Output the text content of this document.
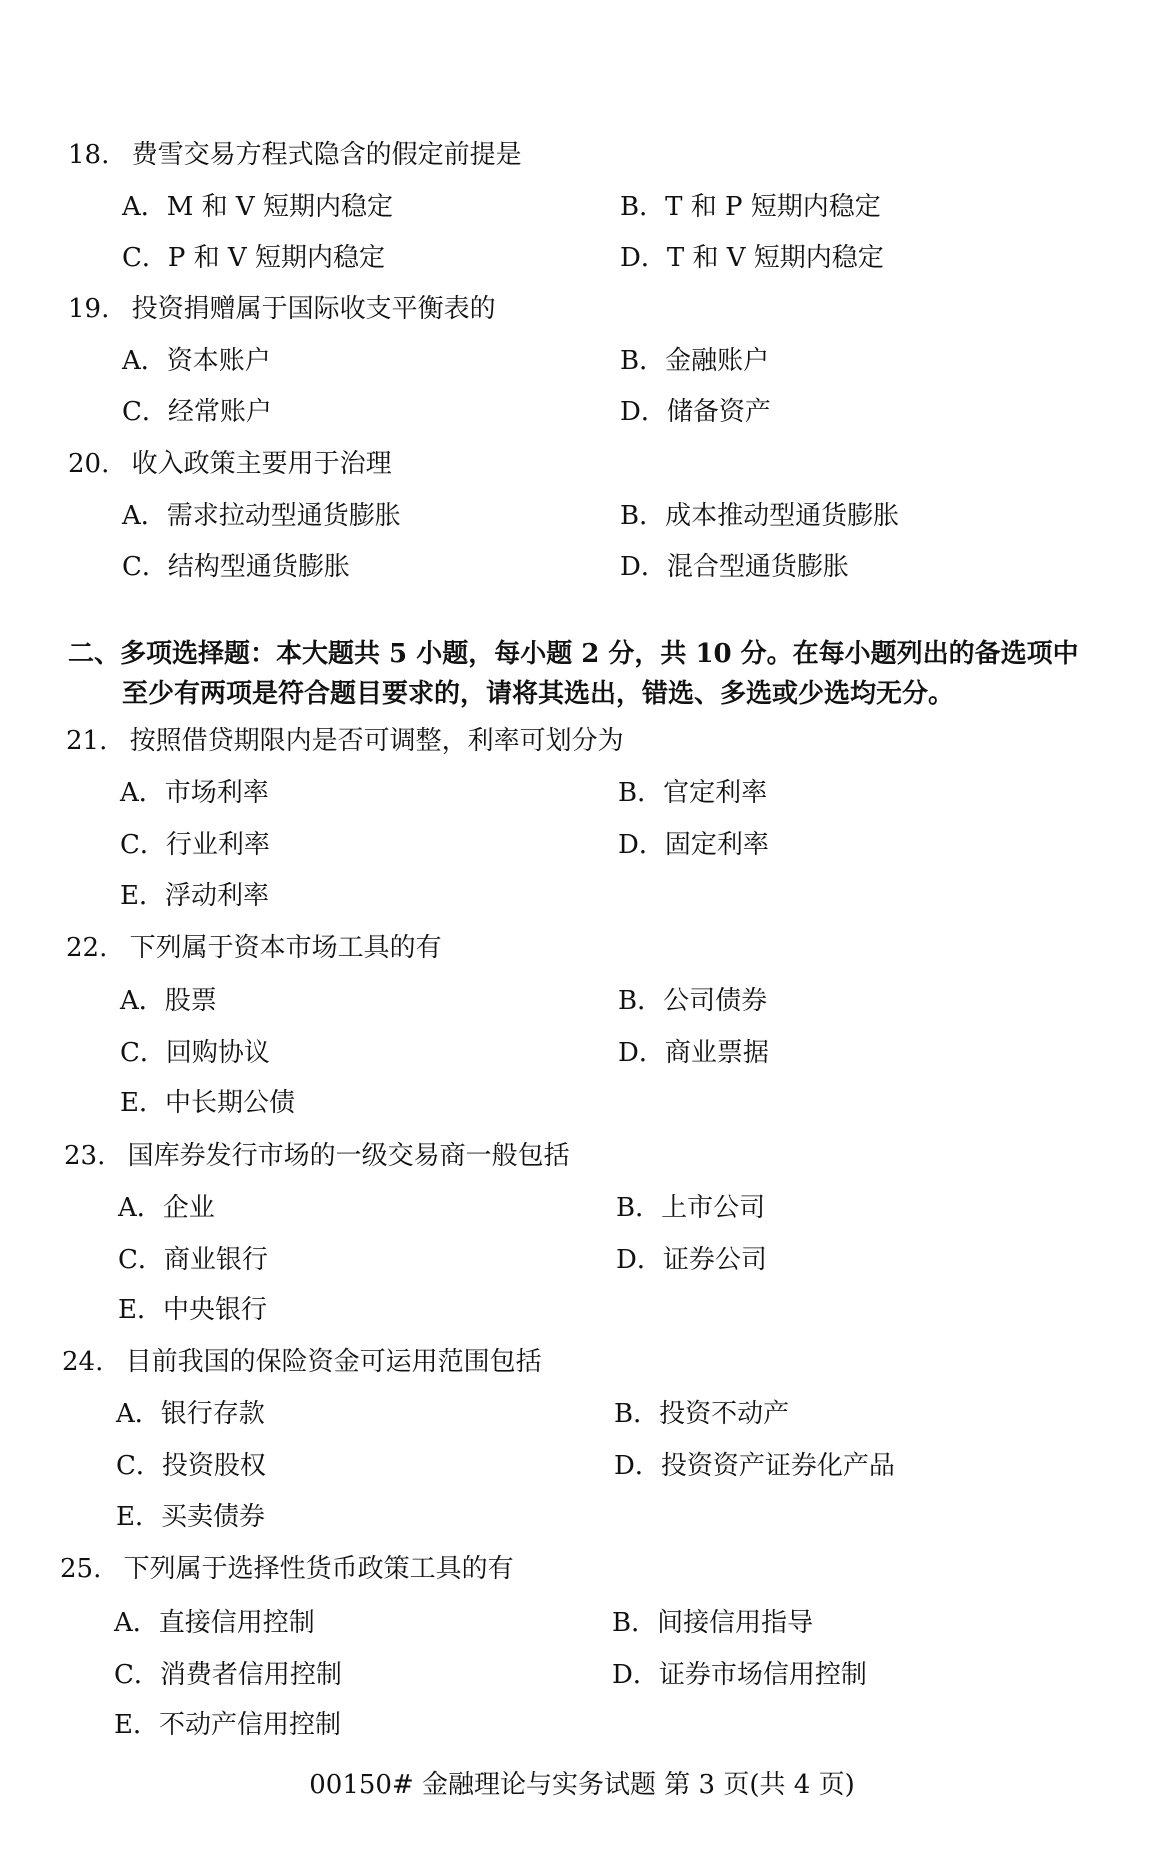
18. 费雪交易方程式隐含的假定前提是
A．M 和 V 短期内稳定	B．T 和 P 短期内稳定
C．P 和 V 短期内稳定	D．T 和 V 短期内稳定
19. 投资捐赠属于国际收支平衡表的
A．资本账户	B．金融账户
C．经常账户	D．储备资产
20. 收入政策主要用于治理
A．需求拉动型通货膨胀	B．成本推动型通货膨胀
C．结构型通货膨胀	D．混合型通货膨胀
二、多项选择题：本大题共 5 小题，每小题 2 分，共 10 分。在每小题列出的备选项中
至少有两项是符合题目要求的，请将其选出，错选、多选或少选均无分。
21. 按照借贷期限内是否可调整，利率可划分为
A．市场利率	B．官定利率
C．行业利率	D．固定利率
E．浮动利率
22. 下列属于资本市场工具的有
A．股票	B．公司债券
C．回购协议	D．商业票据
E．中长期公债
23. 国库券发行市场的一级交易商一般包括
A．企业	B．上市公司
C．商业银行	D．证券公司
E．中央银行
24. 目前我国的保险资金可运用范围包括
A．银行存款	B．投资不动产
C．投资股权	D．投资资产证券化产品
E．买卖债券
25. 下列属于选择性货币政策工具的有
A．直接信用控制	B．间接信用指导
C．消费者信用控制	D．证券市场信用控制
E．不动产信用控制
00150# 金融理论与实务试题 第 3 页(共 4 页)
